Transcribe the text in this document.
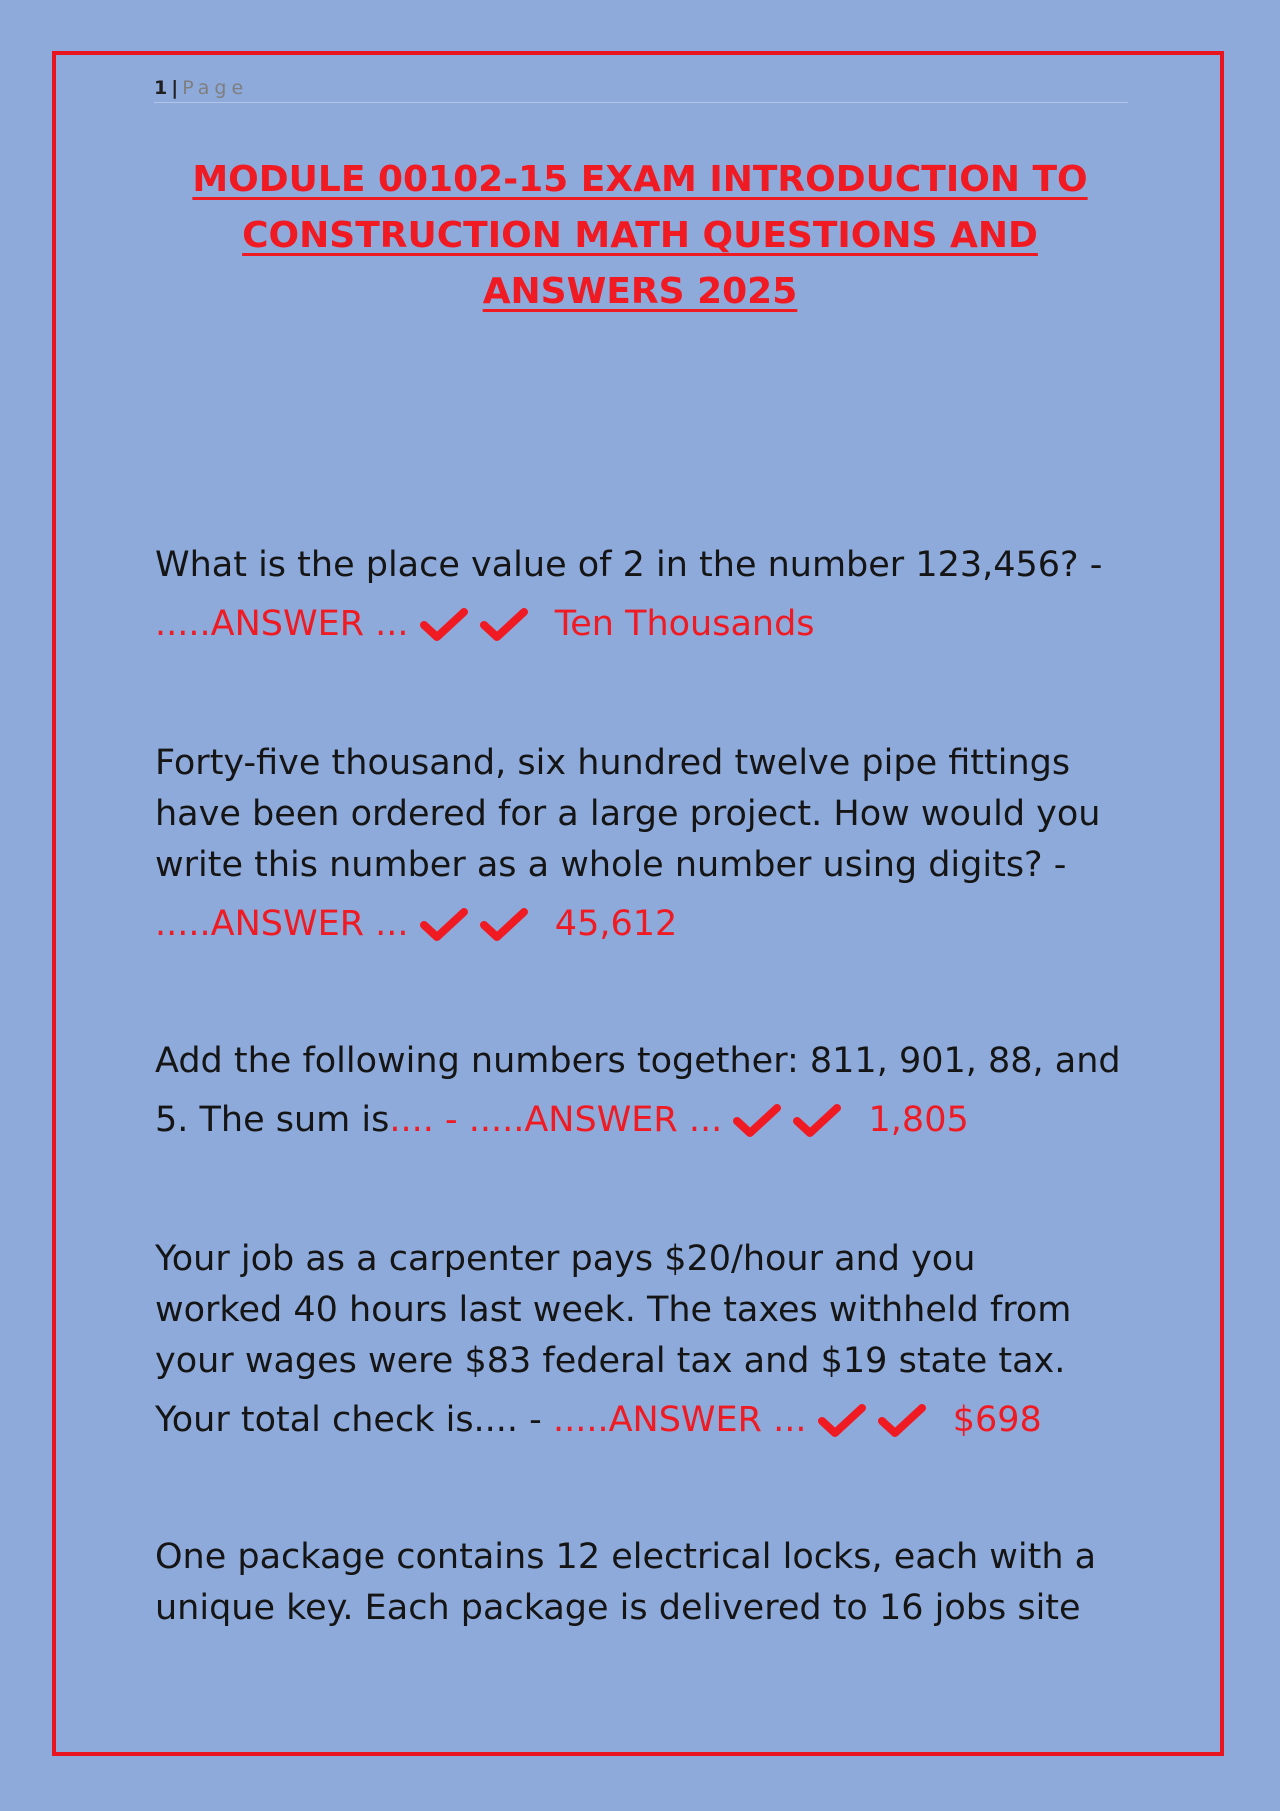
1 | Page
MODULE 00102-15 EXAM INTRODUCTION TO
CONSTRUCTION MATH QUESTIONS AND
ANSWERS 2025
What is the place value of 2 in the number 123,456? -
.....ANSWER ...	Ten Thousands
Forty-five thousand, six hundred twelve pipe fittings
have been ordered for a large project. How would you
write this number as a whole number using digits? -
.....ANSWER ...	45,612
Add the following numbers together: 811, 901, 88, and
5. The sum is.... - .....ANSWER ...	1,805
Your job as a carpenter pays $20/hour and you
worked 40 hours last week. The taxes withheld from
your wages were $83 federal tax and $19 state tax.
Your total check is.... - .....ANSWER ...	$698
One package contains 12 electrical locks, each with a
unique key. Each package is delivered to 16 jobs site
